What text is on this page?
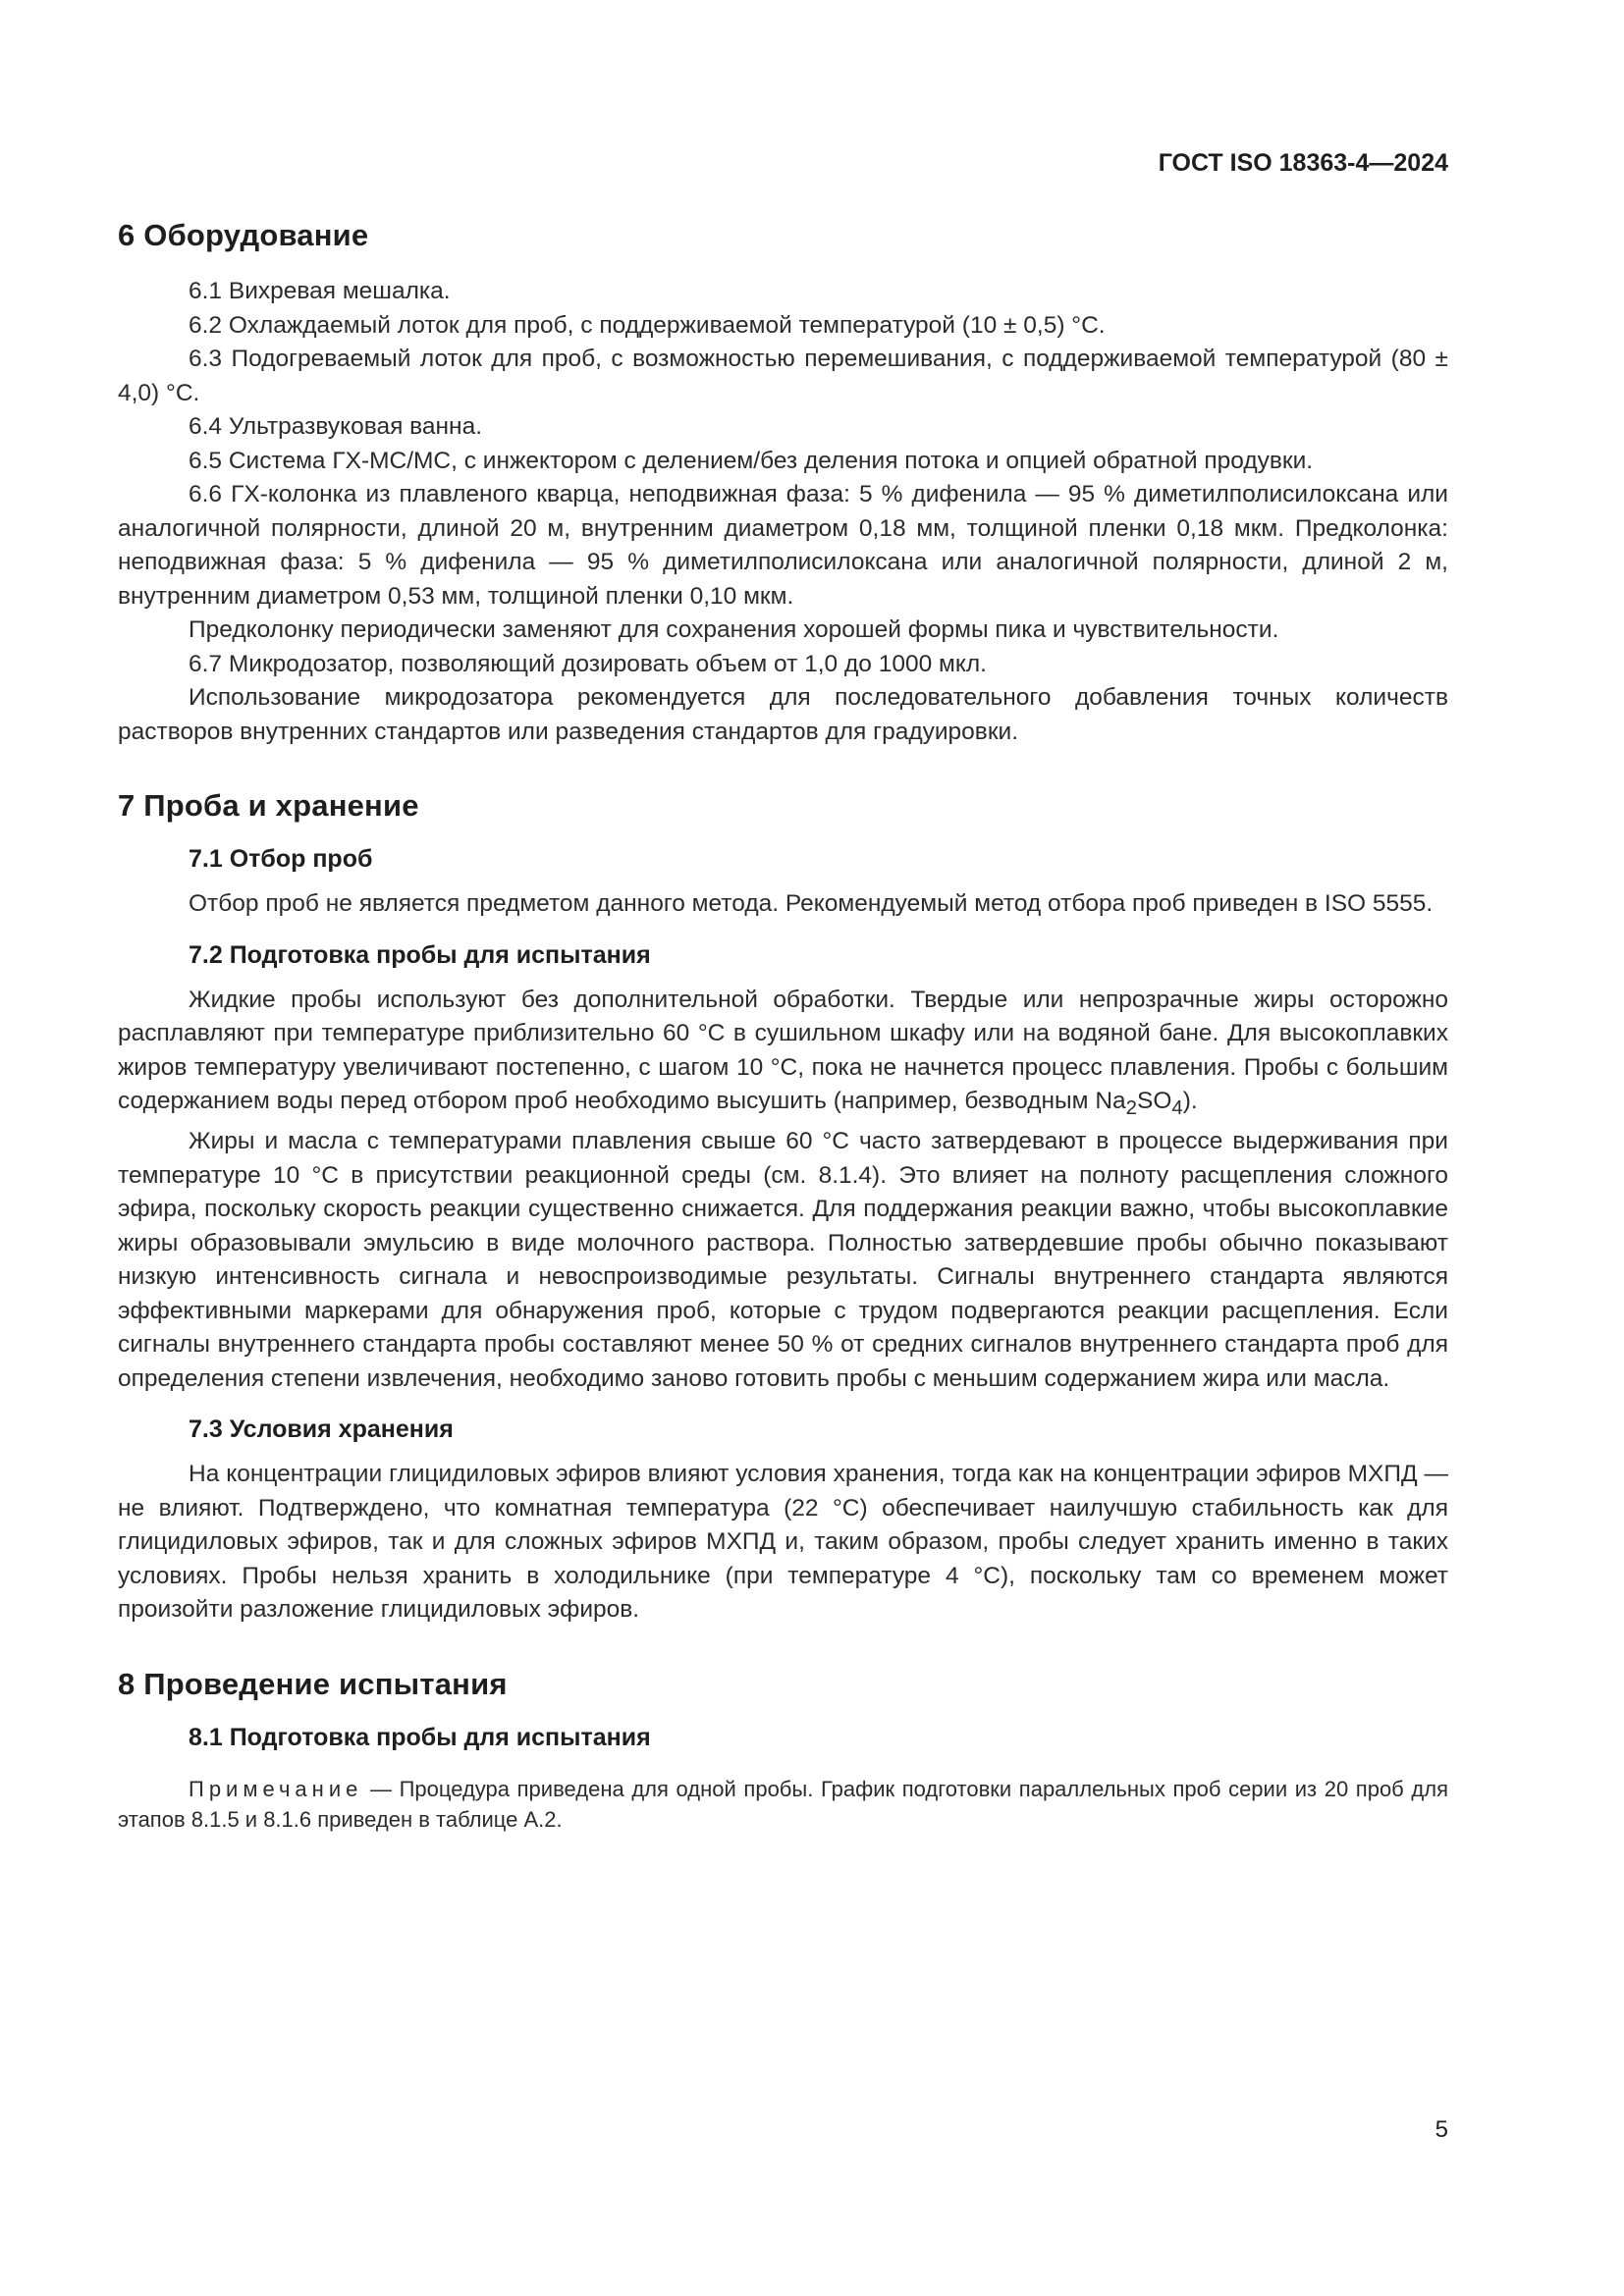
ГОСТ ISO 18363-4—2024
6 Оборудование

6.1 Вихревая мешалка.

6.2 Охлаждаемый лоток для проб, с поддерживаемой температурой (10 ± 0,5) °C.

6.3 Подогреваемый лоток для проб, с возможностью перемешивания, с поддерживаемой температурой (80 ± 4,0) °C.

6.4 Ультразвуковая ванна.

6.5 Система ГХ-МС/МС, с инжектором с делением/без деления потока и опцией обратной продувки.

6.6 ГХ-колонка из плавленого кварца, неподвижная фаза: 5 % дифенила — 95 % диметилполисилоксана или аналогичной полярности, длиной 20 м, внутренним диаметром 0,18 мм, толщиной пленки 0,18 мкм. Предколонка: неподвижная фаза: 5 % дифенила — 95 % диметилполисилоксана или аналогичной полярности, длиной 2 м, внутренним диаметром 0,53 мм, толщиной пленки 0,10 мкм.

Предколонку периодически заменяют для сохранения хорошей формы пика и чувствительности.

6.7 Микродозатор, позволяющий дозировать объем от 1,0 до 1000 мкл.

Использование микродозатора рекомендуется для последовательного добавления точных количеств растворов внутренних стандартов или разведения стандартов для градуировки.

7 Проба и хранение
7.1 Отбор проб

Отбор проб не является предметом данного метода. Рекомендуемый метод отбора проб приведен в ISO 5555.

7.2 Подготовка пробы для испытания

Жидкие пробы используют без дополнительной обработки. Твердые или непрозрачные жиры осторожно расплавляют при температуре приблизительно 60 °C в сушильном шкафу или на водяной бане. Для высокоплавких жиров температуру увеличивают постепенно, с шагом 10 °C, пока не начнется процесс плавления. Пробы с большим содержанием воды перед отбором проб необходимо высушить (например, безводным $Na_2SO_4$).

Жиры и масла с температурами плавления свыше 60 °C часто затвердевают в процессе выдерживания при температуре 10 °C в присутствии реакционной среды (см. 8.1.4). Это влияет на полноту расщепления сложного эфира, поскольку скорость реакции существенно снижается. Для поддержания реакции важно, чтобы высокоплавкие жиры образовывали эмульсию в виде молочного раствора. Полностью затвердевшие пробы обычно показывают низкую интенсивность сигнала и невоспроизводимые результаты. Сигналы внутреннего стандарта являются эффективными маркерами для обнаружения проб, которые с трудом подвергаются реакции расщепления. Если сигналы внутреннего стандарта пробы составляют менее 50 % от средних сигналов внутреннего стандарта проб для определения степени извлечения, необходимо заново готовить пробы с меньшим содержанием жира или масла.

7.3 Условия хранения

На концентрации глицидиловых эфиров влияют условия хранения, тогда как на концентрации эфиров МХПД — не влияют. Подтверждено, что комнатная температура (22 °C) обеспечивает наилучшую стабильность как для глицидиловых эфиров, так и для сложных эфиров МХПД и, таким образом, пробы следует хранить именно в таких условиях. Пробы нельзя хранить в холодильнике (при температуре 4 °C), поскольку там со временем может произойти разложение глицидиловых эфиров.

8 Проведение испытания
8.1 Подготовка пробы для испытания
Примечание — Процедура приведена для одной пробы. График подготовки параллельных проб серии из 20 проб для этапов 8.1.5 и 8.1.6 приведен в таблице А.2.
5
